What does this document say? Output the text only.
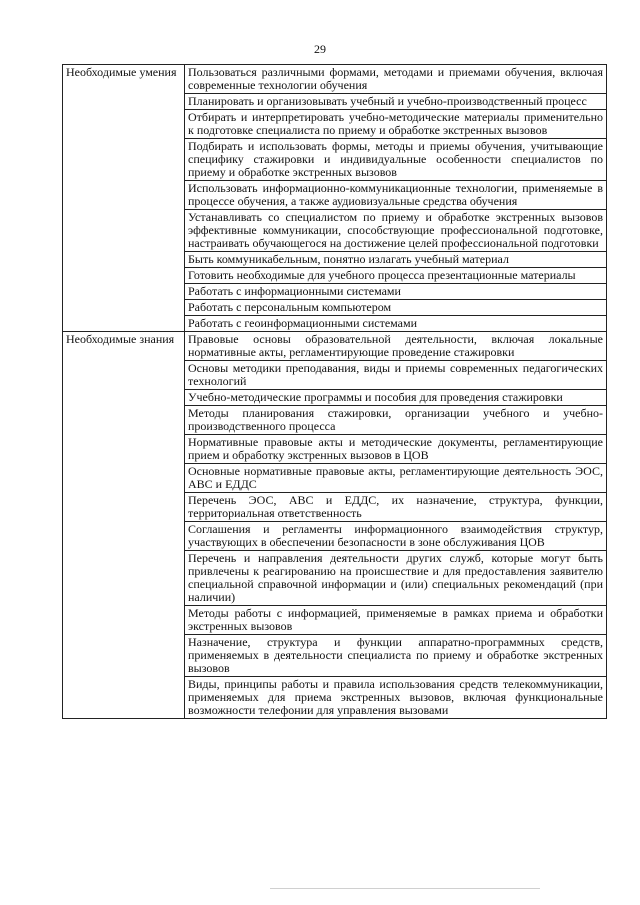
29
Необходимые умения	Пользоваться различными формами, методами и приемами обучения, включая современные технологии обучения
	Планировать и организовывать учебный и учебно-производственный процесс
	Отбирать и интерпретировать учебно-методические материалы применительно к подготовке специалиста по приему и обработке экстренных вызовов
	Подбирать и использовать формы, методы и приемы обучения, учитывающие специфику стажировки и индивидуальные особенности специалистов по приему и обработке экстренных вызовов
	Использовать информационно-коммуникационные технологии, применяемые в процессе обучения, а также аудиовизуальные средства обучения
	Устанавливать со специалистом по приему и обработке экстренных вызовов эффективные коммуникации, способствующие профессиональной подготовке, настраивать обучающегося на достижение целей профессиональной подготовки
	Быть коммуникабельным, понятно излагать учебный материал
	Готовить необходимые для учебного процесса презентационные материалы
	Работать с информационными системами
	Работать с персональным компьютером
	Работать с геоинформационными системами
Необходимые знания	Правовые основы образовательной деятельности, включая локальные нормативные акты, регламентирующие проведение стажировки
	Основы методики преподавания, виды и приемы современных педагогических технологий
	Учебно-методические программы и пособия для проведения стажировки
	Методы планирования стажировки, организации учебного и учебно-производственного процесса
	Нормативные правовые акты и методические документы, регламентирующие прием и обработку экстренных вызовов в ЦОВ
	Основные нормативные правовые акты, регламентирующие деятельность ЭОС, АВС и ЕДДС
	Перечень ЭОС, АВС и ЕДДС, их назначение, структура, функции, территориальная ответственность
	Соглашения и регламенты информационного взаимодействия структур, участвующих в обеспечении безопасности в зоне обслуживания ЦОВ
	Перечень и направления деятельности других служб, которые могут быть привлечены к реагированию на происшествие и для предоставления заявителю специальной справочной информации и (или) специальных рекомендаций (при наличии)
	Методы работы с информацией, применяемые в рамках приема и обработки экстренных вызовов
	Назначение, структура и функции аппаратно-программных средств, применяемых в деятельности специалиста по приему и обработке экстренных вызовов
	Виды, принципы работы и правила использования средств телекоммуникации, применяемых для приема экстренных вызовов, включая функциональные возможности телефонии для управления вызовами
